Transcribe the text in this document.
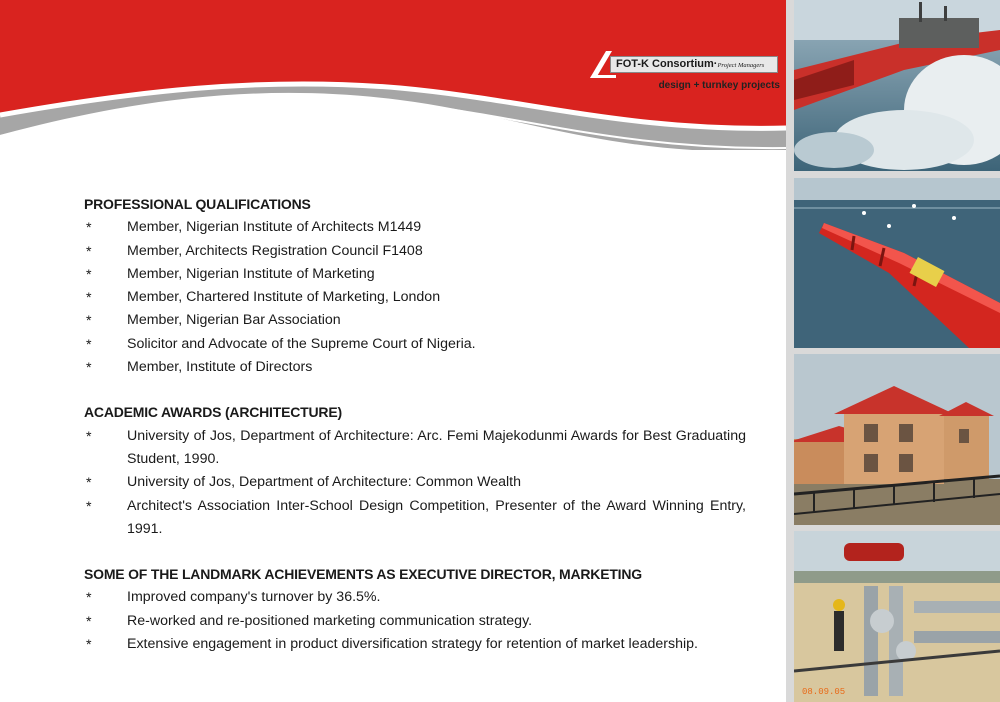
FOT-K Consortium·Project Managers
design + turnkey projects
08.09.05
PROFESSIONAL QUALIFICATIONS
* Member, Nigerian Institute of Architects M1449
* Member, Architects Registration Council F1408
* Member, Nigerian Institute of Marketing
* Member, Chartered Institute of Marketing, London
* Member, Nigerian Bar Association
* Solicitor and Advocate of the Supreme Court of Nigeria.
* Member, Institute of Directors
ACADEMIC AWARDS (ARCHITECTURE)
* University of Jos, Department of Architecture: Arc. Femi Majekodunmi Awards for Best Graduating Student, 1990.
* University of Jos, Department of Architecture: Common Wealth
* Architect's Association Inter-School Design Competition, Presenter of the Award Winning Entry, 1991.
SOME OF THE LANDMARK ACHIEVEMENTS AS EXECUTIVE DIRECTOR, MARKETING
* Improved company's turnover by 36.5%.
* Re-worked and re-positioned marketing communication strategy.
* Extensive engagement in product diversification strategy for retention of market leadership.
